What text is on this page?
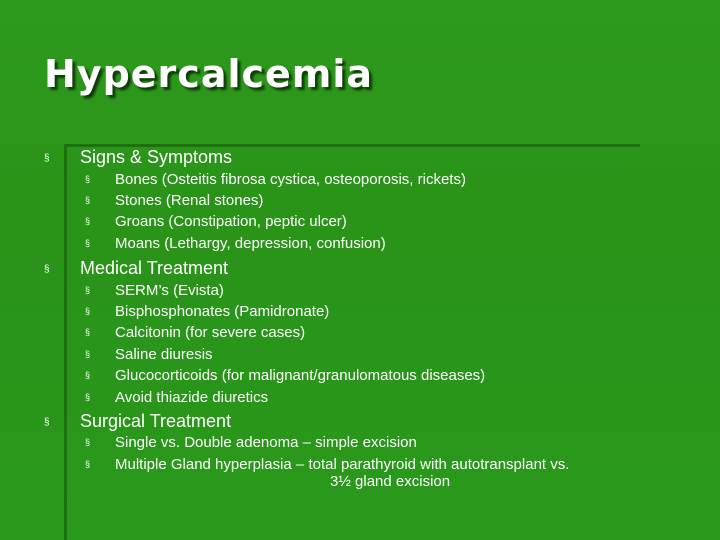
Hypercalcemia
§ Signs & Symptoms
§ Bones (Osteitis fibrosa cystica, osteoporosis, rickets)
§ Stones (Renal stones)
§ Groans (Constipation, peptic ulcer)
§ Moans (Lethargy, depression, confusion)
§ Medical Treatment
§ SERM’s (Evista)
§ Bisphosphonates (Pamidronate)
§ Calcitonin (for severe cases)
§ Saline diuresis
§ Glucocorticoids (for malignant/granulomatous diseases)
§ Avoid thiazide diuretics
§ Surgical Treatment
§ Single vs. Double adenoma – simple excision
§ Multiple Gland hyperplasia – total parathyroid with autotransplant vs.
3½ gland excision
